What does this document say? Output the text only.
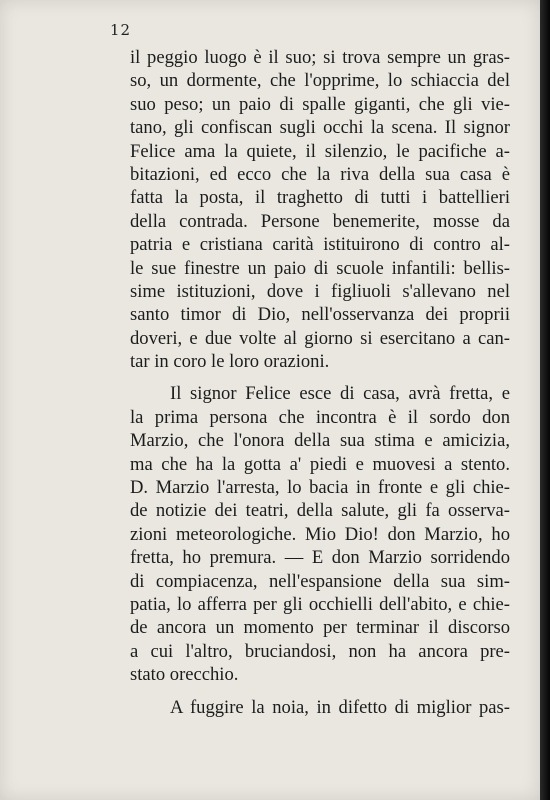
12
il peggio luogo è il suo; si trova sempre un gras-
so, un dormente, che l'opprime, lo schiaccia del
suo peso; un paio di spalle giganti, che gli vie-
tano, gli confiscan sugli occhi la scena. Il signor
Felice ama la quiete, il silenzio, le pacifiche a-
bitazioni, ed ecco che la riva della sua casa è
fatta la posta, il traghetto di tutti i battellieri
della contrada. Persone benemerite, mosse da
patria e cristiana carità istituirono di contro al-
le sue finestre un paio di scuole infantili: bellis-
sime istituzioni, dove i figliuoli s'allevano nel
santo timor di Dio, nell'osservanza dei proprii
doveri, e due volte al giorno si esercitano a can-
tar in coro le loro orazioni.
Il signor Felice esce di casa, avrà fretta, e
la prima persona che incontra è il sordo don
Marzio, che l'onora della sua stima e amicizia,
ma che ha la gotta a' piedi e muovesi a stento.
D. Marzio l'arresta, lo bacia in fronte e gli chie-
de notizie dei teatri, della salute, gli fa osserva-
zioni meteorologiche. Mio Dio! don Marzio, ho
fretta, ho premura. — E don Marzio sorridendo
di compiacenza, nell'espansione della sua sim-
patia, lo afferra per gli occhielli dell'abito, e chie-
de ancora un momento per terminar il discorso
a cui l'altro, bruciandosi, non ha ancora pre-
stato orecchio.
A fuggire la noia, in difetto di miglior pas-
